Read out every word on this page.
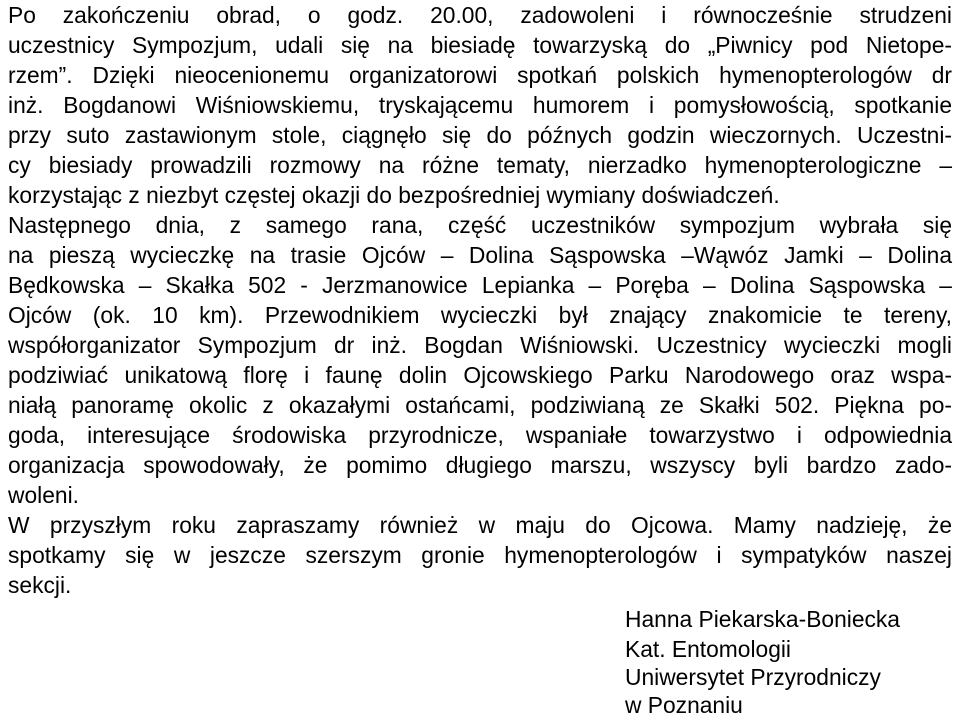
Po zakończeniu obrad, o godz. 20.00, zadowoleni i równocześnie strudzeni
uczestnicy Sympozjum, udali się na biesiadę towarzyską do „Piwnicy pod Nietope-
rzem”. Dzięki nieocenionemu organizatorowi spotkań polskich hymenopterologów dr
inż. Bogdanowi Wiśniowskiemu, tryskającemu humorem i pomysłowością, spotkanie
przy suto zastawionym stole, ciągnęło się do późnych godzin wieczornych. Uczestni-
cy biesiady prowadzili rozmowy na różne tematy, nierzadko hymenopterologiczne –
korzystając z niezbyt częstej okazji do bezpośredniej wymiany doświadczeń.
Następnego dnia, z samego rana, część uczestników sympozjum wybrała się
na pieszą wycieczkę na trasie Ojców – Dolina Sąspowska –Wąwóz Jamki – Dolina
Będkowska – Skałka 502 - Jerzmanowice Lepianka – Poręba – Dolina Sąspowska –
Ojców (ok. 10 km). Przewodnikiem wycieczki był znający znakomicie te tereny,
współorganizator Sympozjum dr inż. Bogdan Wiśniowski. Uczestnicy wycieczki mogli
podziwiać unikatową florę i faunę dolin Ojcowskiego Parku Narodowego oraz wspa-
niałą panoramę okolic z okazałymi ostańcami, podziwianą ze Skałki 502. Piękna po-
goda, interesujące środowiska przyrodnicze, wspaniałe towarzystwo i odpowiednia
organizacja spowodowały, że pomimo długiego marszu, wszyscy byli bardzo zado-
woleni.
W przyszłym roku zapraszamy również w maju do Ojcowa. Mamy nadzieję, że
spotkamy się w jeszcze szerszym gronie hymenopterologów i sympatyków naszej
sekcji.
Hanna Piekarska-Boniecka
Kat. Entomologii
Uniwersytet Przyrodniczy
w Poznaniu
